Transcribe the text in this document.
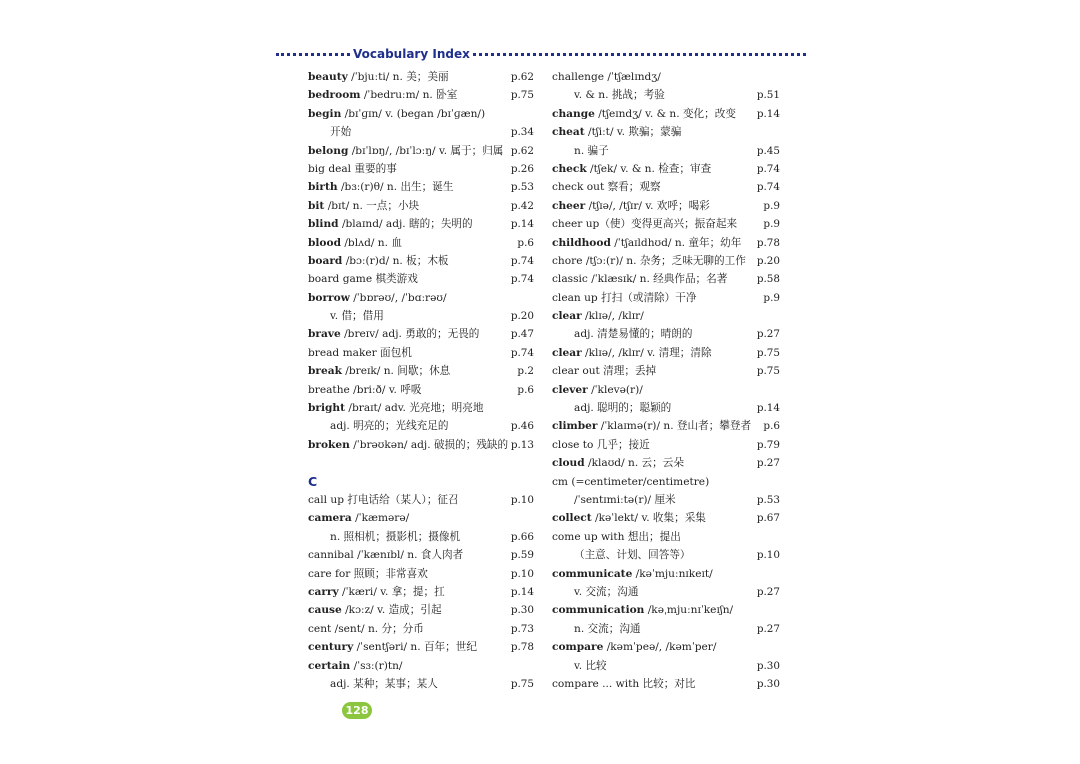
Vocabulary Index
beauty /ˈbjuːti/ n. 美；美丽	p.62
bedroom /ˈbedruːm/ n. 卧室	p.75
begin /bɪˈɡɪn/ v. (began /bɪˈɡæn/)
开始	p.34
belong /bɪˈlɒŋ/, /bɪˈlɔːŋ/ v. 属于；归属 p.62
big deal 重要的事	p.26
birth /bɜː(r)θ/ n. 出生；诞生	p.53
bit /bɪt/ n. 一点；小块	p.42
blind /blaɪnd/ adj. 瞎的；失明的	p.14
blood /blʌd/ n. 血	p.6
board /bɔː(r)d/ n. 板；木板	p.74
board game 棋类游戏	p.74
borrow /ˈbɒrəʊ/, /ˈbɑːrəʊ/
v. 借；借用	p.20
brave /breɪv/ adj. 勇敢的；无畏的	p.47
bread maker 面包机	p.74
break /breɪk/ n. 间歇；休息	p.2
breathe /briːð/ v. 呼吸	p.6
bright /braɪt/ adv. 光亮地；明亮地
adj. 明亮的；光线充足的	p.46
broken /ˈbrəʊkən/ adj. 破损的；残缺的 p.13
C
call up 打电话给（某人）；征召	p.10
camera /ˈkæmərə/
n. 照相机；摄影机；摄像机	p.66
cannibal /ˈkænɪbl/ n. 食人肉者	p.59
care for 照顾；非常喜欢	p.10
carry /ˈkæri/ v. 拿；提；扛	p.14
cause /kɔːz/ v. 造成；引起	p.30
cent /sent/ n. 分；分币	p.73
century /ˈsentʃəri/ n. 百年；世纪	p.78
certain /ˈsɜː(r)tn/
adj. 某种；某事；某人	p.75
challenge /ˈtʃælɪndʒ/
v. & n. 挑战；考验	p.51
change /tʃeɪndʒ/ v. & n. 变化；改变	p.14
cheat /tʃiːt/ v. 欺骗；蒙骗
n. 骗子	p.45
check /tʃek/ v. & n. 检查；审查	p.74
check out 察看；观察	p.74
cheer /tʃɪə/, /tʃɪr/ v. 欢呼；喝彩	p.9
cheer up（使）变得更高兴；振奋起来	p.9
childhood /ˈtʃaɪldhʊd/ n. 童年；幼年	p.78
chore /tʃɔː(r)/ n. 杂务；乏味无聊的工作	p.20
classic /ˈklæsɪk/ n. 经典作品；名著	p.58
clean up 打扫（或清除）干净	p.9
clear /klɪə/, /klɪr/
adj. 清楚易懂的；晴朗的	p.27
clear /klɪə/, /klɪr/ v. 清理；清除	p.75
clear out 清理；丢掉	p.75
clever /ˈklevə(r)/
adj. 聪明的；聪颖的	p.14
climber /ˈklaɪmə(r)/ n. 登山者；攀登者	p.6
close to 几乎；接近	p.79
cloud /klaʊd/ n. 云；云朵	p.27
cm (=centimeter/centimetre)
/ˈsentɪmiːtə(r)/ 厘米	p.53
collect /kəˈlekt/ v. 收集；采集	p.67
come up with 想出；提出
（主意、计划、回答等）	p.10
communicate /kəˈmjuːnɪkeɪt/
v. 交流；沟通	p.27
communication /kəˌmjuːnɪˈkeɪʃn/
n. 交流；沟通	p.27
compare /kəmˈpeə/, /kəmˈper/
v. 比较	p.30
compare ... with 比较；对比	p.30
128
